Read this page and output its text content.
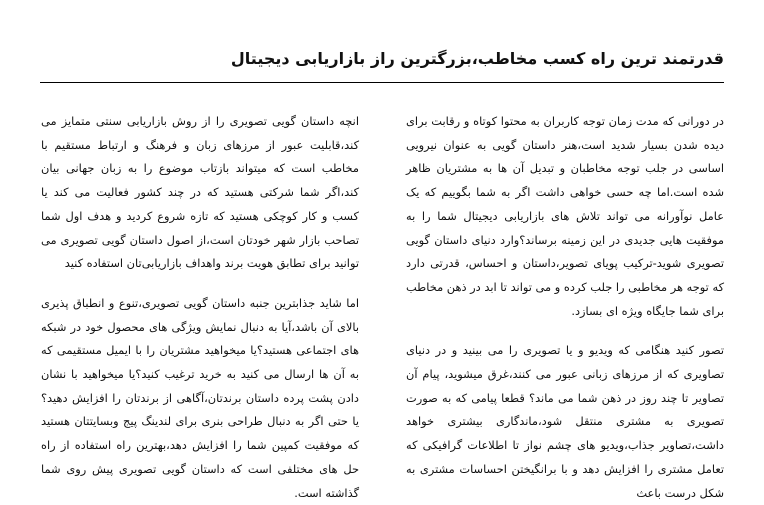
قدرتمند ترین راه کسب مخاطب،بزرگترین راز بازاریابی دیجیتال

در دورانی که مدت زمان توجه کاربران به محتوا کوتاه و رقابت برای دیده شدن بسیار شدید است،هنر داستان گویی به عنوان نیرویی اساسی در جلب توجه مخاطبان و تبدیل آن ها به مشتریان ظاهر شده است.اما چه حسی خواهی داشت اگر به شما بگوییم که یک عامل نوآورانه می تواند تلاش های بازاریابی دیجیتال شما را به موفقیت هایی جدیدی در این زمینه برساند؟وارد دنیای داستان گویی تصویری شوید-ترکیب پویای تصویر،داستان و احساس، قدرتی دارد که توجه هر مخاطبی را جلب کرده و می تواند تا ابد در ذهن مخاطب برای شما جایگاه ویژه ای بسازد.

تصور کنید هنگامی که ویدیو و یا تصویری را می بینید و در دنیای تصاویری که از مرزهای زبانی عبور می کنند،غرق میشوید، پیام آن تصاویر تا چند روز در ذهن شما می ماند؟ قطعا پیامی که به صورت تصویری به مشتری منتقل شود،ماندگاری بیشتری خواهد داشت،تصاویر جذاب،ویدیو های چشم نواز تا اطلاعات گرافیکی که تعامل مشتری را افزایش دهد و با برانگیختن احساسات مشتری به شکل درست باعث

انچه داستان گویی تصویری را از روش بازاریابی سنتی متمایز می کند،قابلیت عبور از مرزهای زبان و فرهنگ و ارتباط مستقیم با مخاطب است که میتواند بازتاب موضوع را به زبان جهانی بیان کند،اگر شما شرکتی هستید که در چند کشور فعالیت می کند یا کسب و کار کوچکی هستید که تازه شروع کردید و هدف اول شما تصاحب بازار شهر خودتان است،از اصول داستان گویی تصویری می توانید برای تطابق هویت برند واهداف بازاریابی‌تان استفاده کنید

اما شاید جذابترین جنبه داستان گویی تصویری،تنوع و انطباق پذیری بالای آن باشد،آیا به دنبال نمایش ویژگی های محصول خود در شبکه های اجتماعی هستید؟یا میخواهید مشتریان را با ایمیل مستقیمی که به آن ها ارسال می کنید به خرید ترغیب کنید؟یا میخواهید با نشان دادن پشت پرده داستان برندتان،آگاهی از برندتان را افزایش دهید؟ یا حتی اگر به دنبال طراحی بنری برای لندینگ پیج وبسایتتان هستید که موفقیت کمپین شما را افزایش دهد،بهترین راه استفاده از راه حل های مختلفی است که داستان گویی تصویری پیش روی شما گذاشته است.
